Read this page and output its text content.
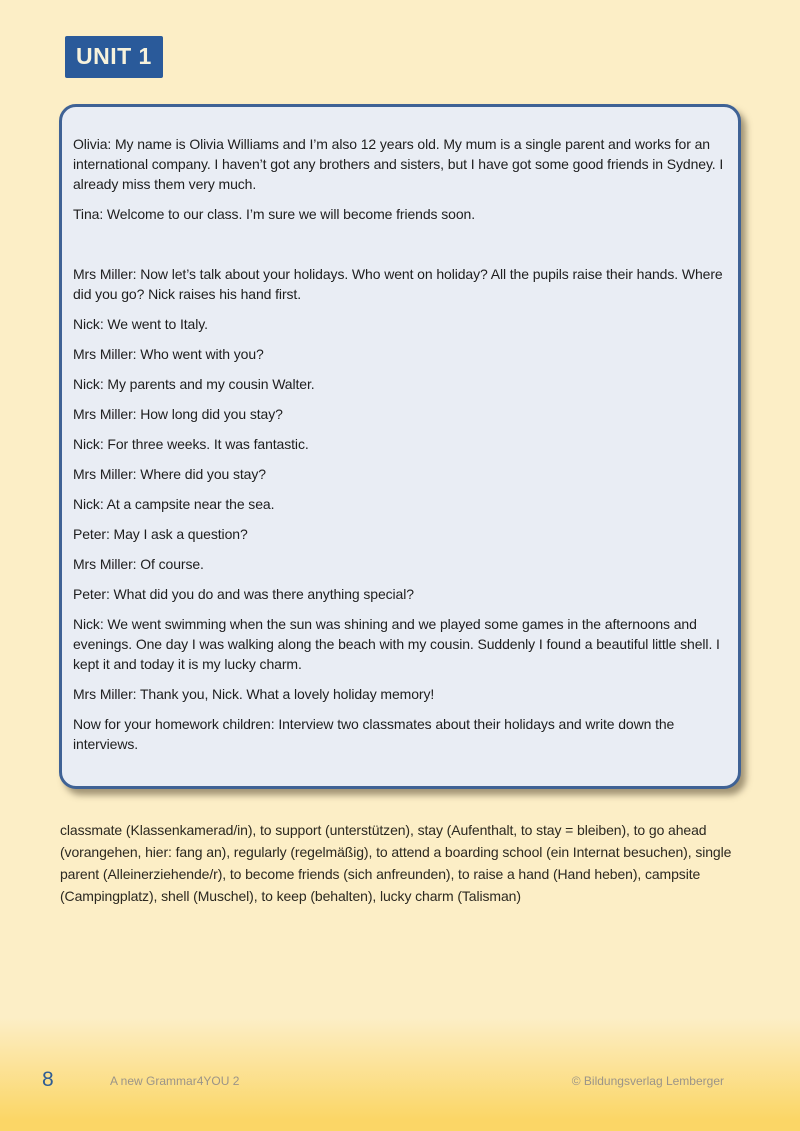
UNIT 1

Olivia: My name is Olivia Williams and I’m also 12 years old. My mum is a single parent and works for an international company. I haven’t got any brothers and sisters, but I have got some good friends in Sydney. I already miss them very much.

Tina: Welcome to our class. I’m sure we will become friends soon.

Mrs Miller: Now let’s talk about your holidays. Who went on holiday? All the pupils raise their hands. Where did you go? Nick raises his hand first.

Nick: We went to Italy.

Mrs Miller: Who went with you?

Nick: My parents and my cousin Walter.

Mrs Miller: How long did you stay?

Nick: For three weeks. It was fantastic.

Mrs Miller: Where did you stay?

Nick: At a campsite near the sea.

Peter: May I ask a question?

Mrs Miller: Of course.

Peter: What did you do and was there anything special?

Nick: We went swimming when the sun was shining and we played some games in the afternoons and evenings. One day I was walking along the beach with my cousin. Suddenly I found a beautiful little shell. I kept it and today it is my lucky charm.

Mrs Miller: Thank you, Nick. What a lovely holiday memory!

Now for your homework children: Interview two classmates about their holidays and write down the interviews.

classmate (Klassenkamerad/in), to support (unterstützen), stay (Aufenthalt, to stay = bleiben), to go ahead (vorangehen, hier: fang an), regularly (regelmäßig), to attend a boarding school (ein Internat besuchen), single parent (Alleinerziehende/r), to become friends (sich anfreunden), to raise a hand (Hand heben), campsite (Campingplatz), shell (Muschel), to keep (behalten), lucky charm (Talisman)
8	A new Grammar4YOU 2	© Bildungsverlag Lemberger
